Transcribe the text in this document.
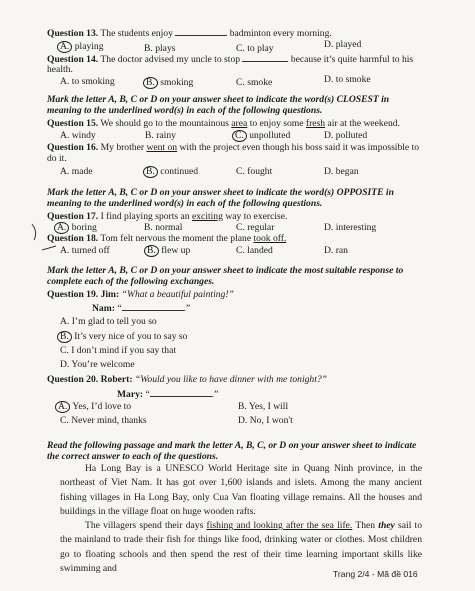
Question 13. The students enjoy	badminton every morning.
A. playing	B. plays	C. to play	D. played
Question 14. The doctor advised my uncle to stop	because it’s quite harmful to his
health.
A. to smoking	B. smoking	C. smoke	D. to smoke
Mark the letter A, B, C or D on your answer sheet to indicate the word(s) CLOSEST in
meaning to the underlined word(s) in each of the following questions.
Question 15. We should go to the mountainous area to enjoy some fresh air at the weekend.
A. windy	B. rainy	C. unpolluted	D. polluted
Question 16. My brother went on with the project even though his boss said it was impossible to
do it.
A. made	B. continued	C. fought	D. began
Mark the letter A, B, C or D on your answer sheet to indicate the word(s) OPPOSITE in
meaning to the underlined word(s) in each of the following questions.
Question 17. I find playing sports an exciting way to exercise.
A. boring	B. normal	C. regular	D. interesting
Question 18. Tom felt nervous the moment the plane took off.
A. turned off	B. flew up	C. landed	D. ran
Mark the letter A, B, C or D on your answer sheet to indicate the most suitable response to
complete each of the following exchanges.
Question 19. Jim: “What a beautiful painting!”
Nam: “	.”
A. I’m glad to tell you so
B. It’s very nice of you to say so
C. I don’t mind if you say that
D. You’re welcome
Question 20. Robert: “Would you like to have dinner with me tonight?”
Mary: “	.”
A. Yes, I’d love to	B. Yes, I will
C. Never mind, thanks	D. No, I won't
Read the following passage and mark the letter A, B, C, or D on your answer sheet to indicate
the correct answer to each of the questions.
Ha Long Bay is a UNESCO World Heritage site in Quang Ninh province, in the northeast of Viet Nam. It has got over 1,600 islands and islets. Among the many ancient fishing villages in Ha Long Bay, only Cua Van floating village remains. All the houses and buildings in the village float on huge wooden rafts.
The villagers spend their days fishing and looking after the sea life. Then they sail to the mainland to trade their fish for things like food, drinking water or clothes. Most children go to floating schools and then spend the rest of their time learning important skills like swimming and
Trang 2/4 - Mã đề 016
